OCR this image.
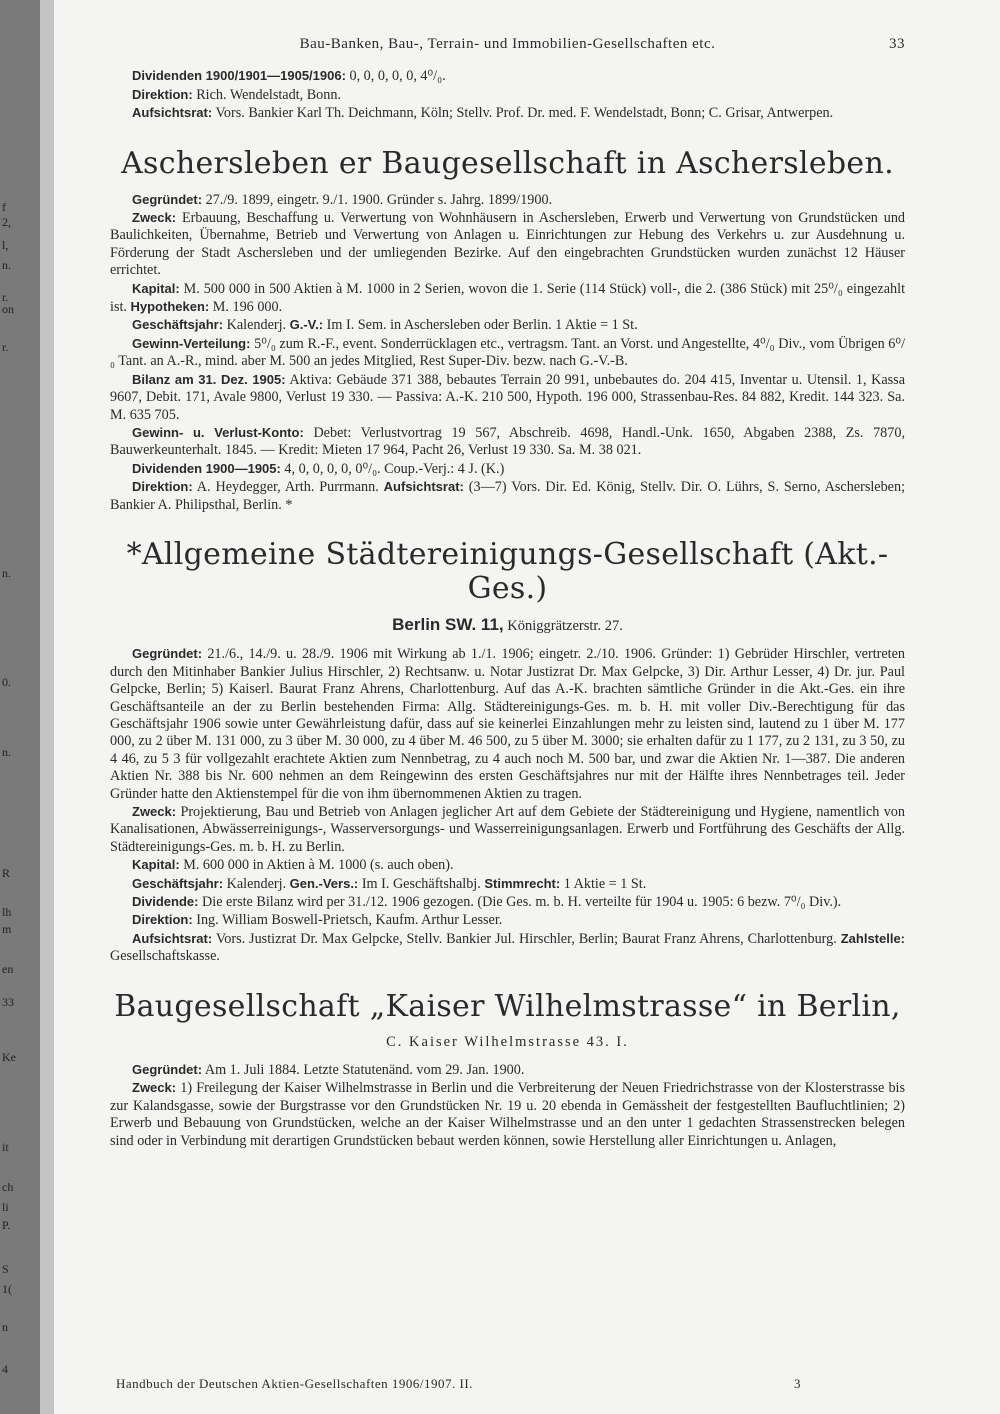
f
2,
l,
n.
r.
on
r.
n.
0.
n.
R
lh
m
en
33
Ke
it
ch
li
P.
S
1(
n
4
Bau-Banken, Bau-, Terrain- und Immobilien-Gesellschaften etc.	33

Dividenden 1900/1901—1905/1906: 0, 0, 0, 0, 0, 4⁰/₀.

Direktion: Rich. Wendelstadt, Bonn.

Aufsichtsrat: Vors. Bankier Karl Th. Deichmann, Köln; Stellv. Prof. Dr. med. F. Wendelstadt, Bonn; C. Grisar, Antwerpen.

Aschersleben er Baugesellschaft in Aschersleben.

Gegründet: 27./9. 1899, eingetr. 9./1. 1900. Gründer s. Jahrg. 1899/1900.

Zweck: Erbauung, Beschaffung u. Verwertung von Wohnhäusern in Aschersleben, Erwerb und Verwertung von Grundstücken und Baulichkeiten, Übernahme, Betrieb und Verwertung von Anlagen u. Einrichtungen zur Hebung des Verkehrs u. zur Ausdehnung u. Förderung der Stadt Aschersleben und der umliegenden Bezirke. Auf den eingebrachten Grundstücken wurden zunächst 12 Häuser errichtet.

Kapital: M. 500 000 in 500 Aktien à M. 1000 in 2 Serien, wovon die 1. Serie (114 Stück) voll-, die 2. (386 Stück) mit 25⁰/₀ eingezahlt ist. Hypotheken: M. 196 000.

Geschäftsjahr: Kalenderj. G.-V.: Im I. Sem. in Aschersleben oder Berlin. 1 Aktie = 1 St.

Gewinn-Verteilung: 5⁰/₀ zum R.-F., event. Sonderrücklagen etc., vertragsm. Tant. an Vorst. und Angestellte, 4⁰/₀ Div., vom Übrigen 6⁰/₀ Tant. an A.-R., mind. aber M. 500 an jedes Mitglied, Rest Super-Div. bezw. nach G.-V.-B.

Bilanz am 31. Dez. 1905: Aktiva: Gebäude 371 388, bebautes Terrain 20 991, unbebautes do. 204 415, Inventar u. Utensil. 1, Kassa 9607, Debit. 171, Avale 9800, Verlust 19 330. — Passiva: A.-K. 210 500, Hypoth. 196 000, Strassenbau-Res. 84 882, Kredit. 144 323. Sa. M. 635 705.

Gewinn- u. Verlust-Konto: Debet: Verlustvortrag 19 567, Abschreib. 4698, Handl.-Unk. 1650, Abgaben 2388, Zs. 7870, Bauwerkeunterhalt. 1845. — Kredit: Mieten 17 964, Pacht 26, Verlust 19 330. Sa. M. 38 021.

Dividenden 1900—1905: 4, 0, 0, 0, 0, 0⁰/₀. Coup.-Verj.: 4 J. (K.)

Direktion: A. Heydegger, Arth. Purrmann. Aufsichtsrat: (3—7) Vors. Dir. Ed. König, Stellv. Dir. O. Lührs, S. Serno, Aschersleben; Bankier A. Philipsthal, Berlin. *

*Allgemeine Städtereinigungs-Gesellschaft (Akt.-Ges.)
Berlin SW. 11, Königgrätzerstr. 27.

Gegründet: 21./6., 14./9. u. 28./9. 1906 mit Wirkung ab 1./1. 1906; eingetr. 2./10. 1906. Gründer: 1) Gebrüder Hirschler, vertreten durch den Mitinhaber Bankier Julius Hirschler, 2) Rechtsanw. u. Notar Justizrat Dr. Max Gelpcke, 3) Dir. Arthur Lesser, 4) Dr. jur. Paul Gelpcke, Berlin; 5) Kaiserl. Baurat Franz Ahrens, Charlottenburg. Auf das A.-K. brachten sämtliche Gründer in die Akt.-Ges. ein ihre Geschäftsanteile an der zu Berlin bestehenden Firma: Allg. Städtereinigungs-Ges. m. b. H. mit voller Div.-Berechtigung für das Geschäftsjahr 1906 sowie unter Gewährleistung dafür, dass auf sie keinerlei Einzahlungen mehr zu leisten sind, lautend zu 1 über M. 177 000, zu 2 über M. 131 000, zu 3 über M. 30 000, zu 4 über M. 46 500, zu 5 über M. 3000; sie erhalten dafür zu 1 177, zu 2 131, zu 3 50, zu 4 46, zu 5 3 für vollgezahlt erachtete Aktien zum Nennbetrag, zu 4 auch noch M. 500 bar, und zwar die Aktien Nr. 1—387. Die anderen Aktien Nr. 388 bis Nr. 600 nehmen an dem Reingewinn des ersten Geschäftsjahres nur mit der Hälfte ihres Nennbetrages teil. Jeder Gründer hatte den Aktienstempel für die von ihm übernommenen Aktien zu tragen.

Zweck: Projektierung, Bau und Betrieb von Anlagen jeglicher Art auf dem Gebiete der Städtereinigung und Hygiene, namentlich von Kanalisationen, Abwässerreinigungs-, Wasserversorgungs- und Wasserreinigungsanlagen. Erwerb und Fortführung des Geschäfts der Allg. Städtereinigungs-Ges. m. b. H. zu Berlin.

Kapital: M. 600 000 in Aktien à M. 1000 (s. auch oben).

Geschäftsjahr: Kalenderj. Gen.-Vers.: Im I. Geschäftshalbj. Stimmrecht: 1 Aktie = 1 St.

Dividende: Die erste Bilanz wird per 31./12. 1906 gezogen. (Die Ges. m. b. H. verteilte für 1904 u. 1905: 6 bezw. 7⁰/₀ Div.).

Direktion: Ing. William Boswell-Prietsch, Kaufm. Arthur Lesser.

Aufsichtsrat: Vors. Justizrat Dr. Max Gelpcke, Stellv. Bankier Jul. Hirschler, Berlin; Baurat Franz Ahrens, Charlottenburg. Zahlstelle: Gesellschaftskasse.

Baugesellschaft „Kaiser Wilhelmstrasse“ in Berlin,
C. Kaiser Wilhelmstrasse 43. I.

Gegründet: Am 1. Juli 1884. Letzte Statutenänd. vom 29. Jan. 1900.

Zweck: 1) Freilegung der Kaiser Wilhelmstrasse in Berlin und die Verbreiterung der Neuen Friedrichstrasse von der Klosterstrasse bis zur Kalandsgasse, sowie der Burgstrasse vor den Grundstücken Nr. 19 u. 20 ebenda in Gemässheit der festgestellten Baufluchtlinien; 2) Erwerb und Bebauung von Grundstücken, welche an der Kaiser Wilhelmstrasse und an den unter 1 gedachten Strassenstrecken belegen sind oder in Verbindung mit derartigen Grundstücken bebaut werden können, sowie Herstellung aller Einrichtungen u. Anlagen,

Handbuch der Deutschen Aktien-Gesellschaften 1906/1907. II.	3
